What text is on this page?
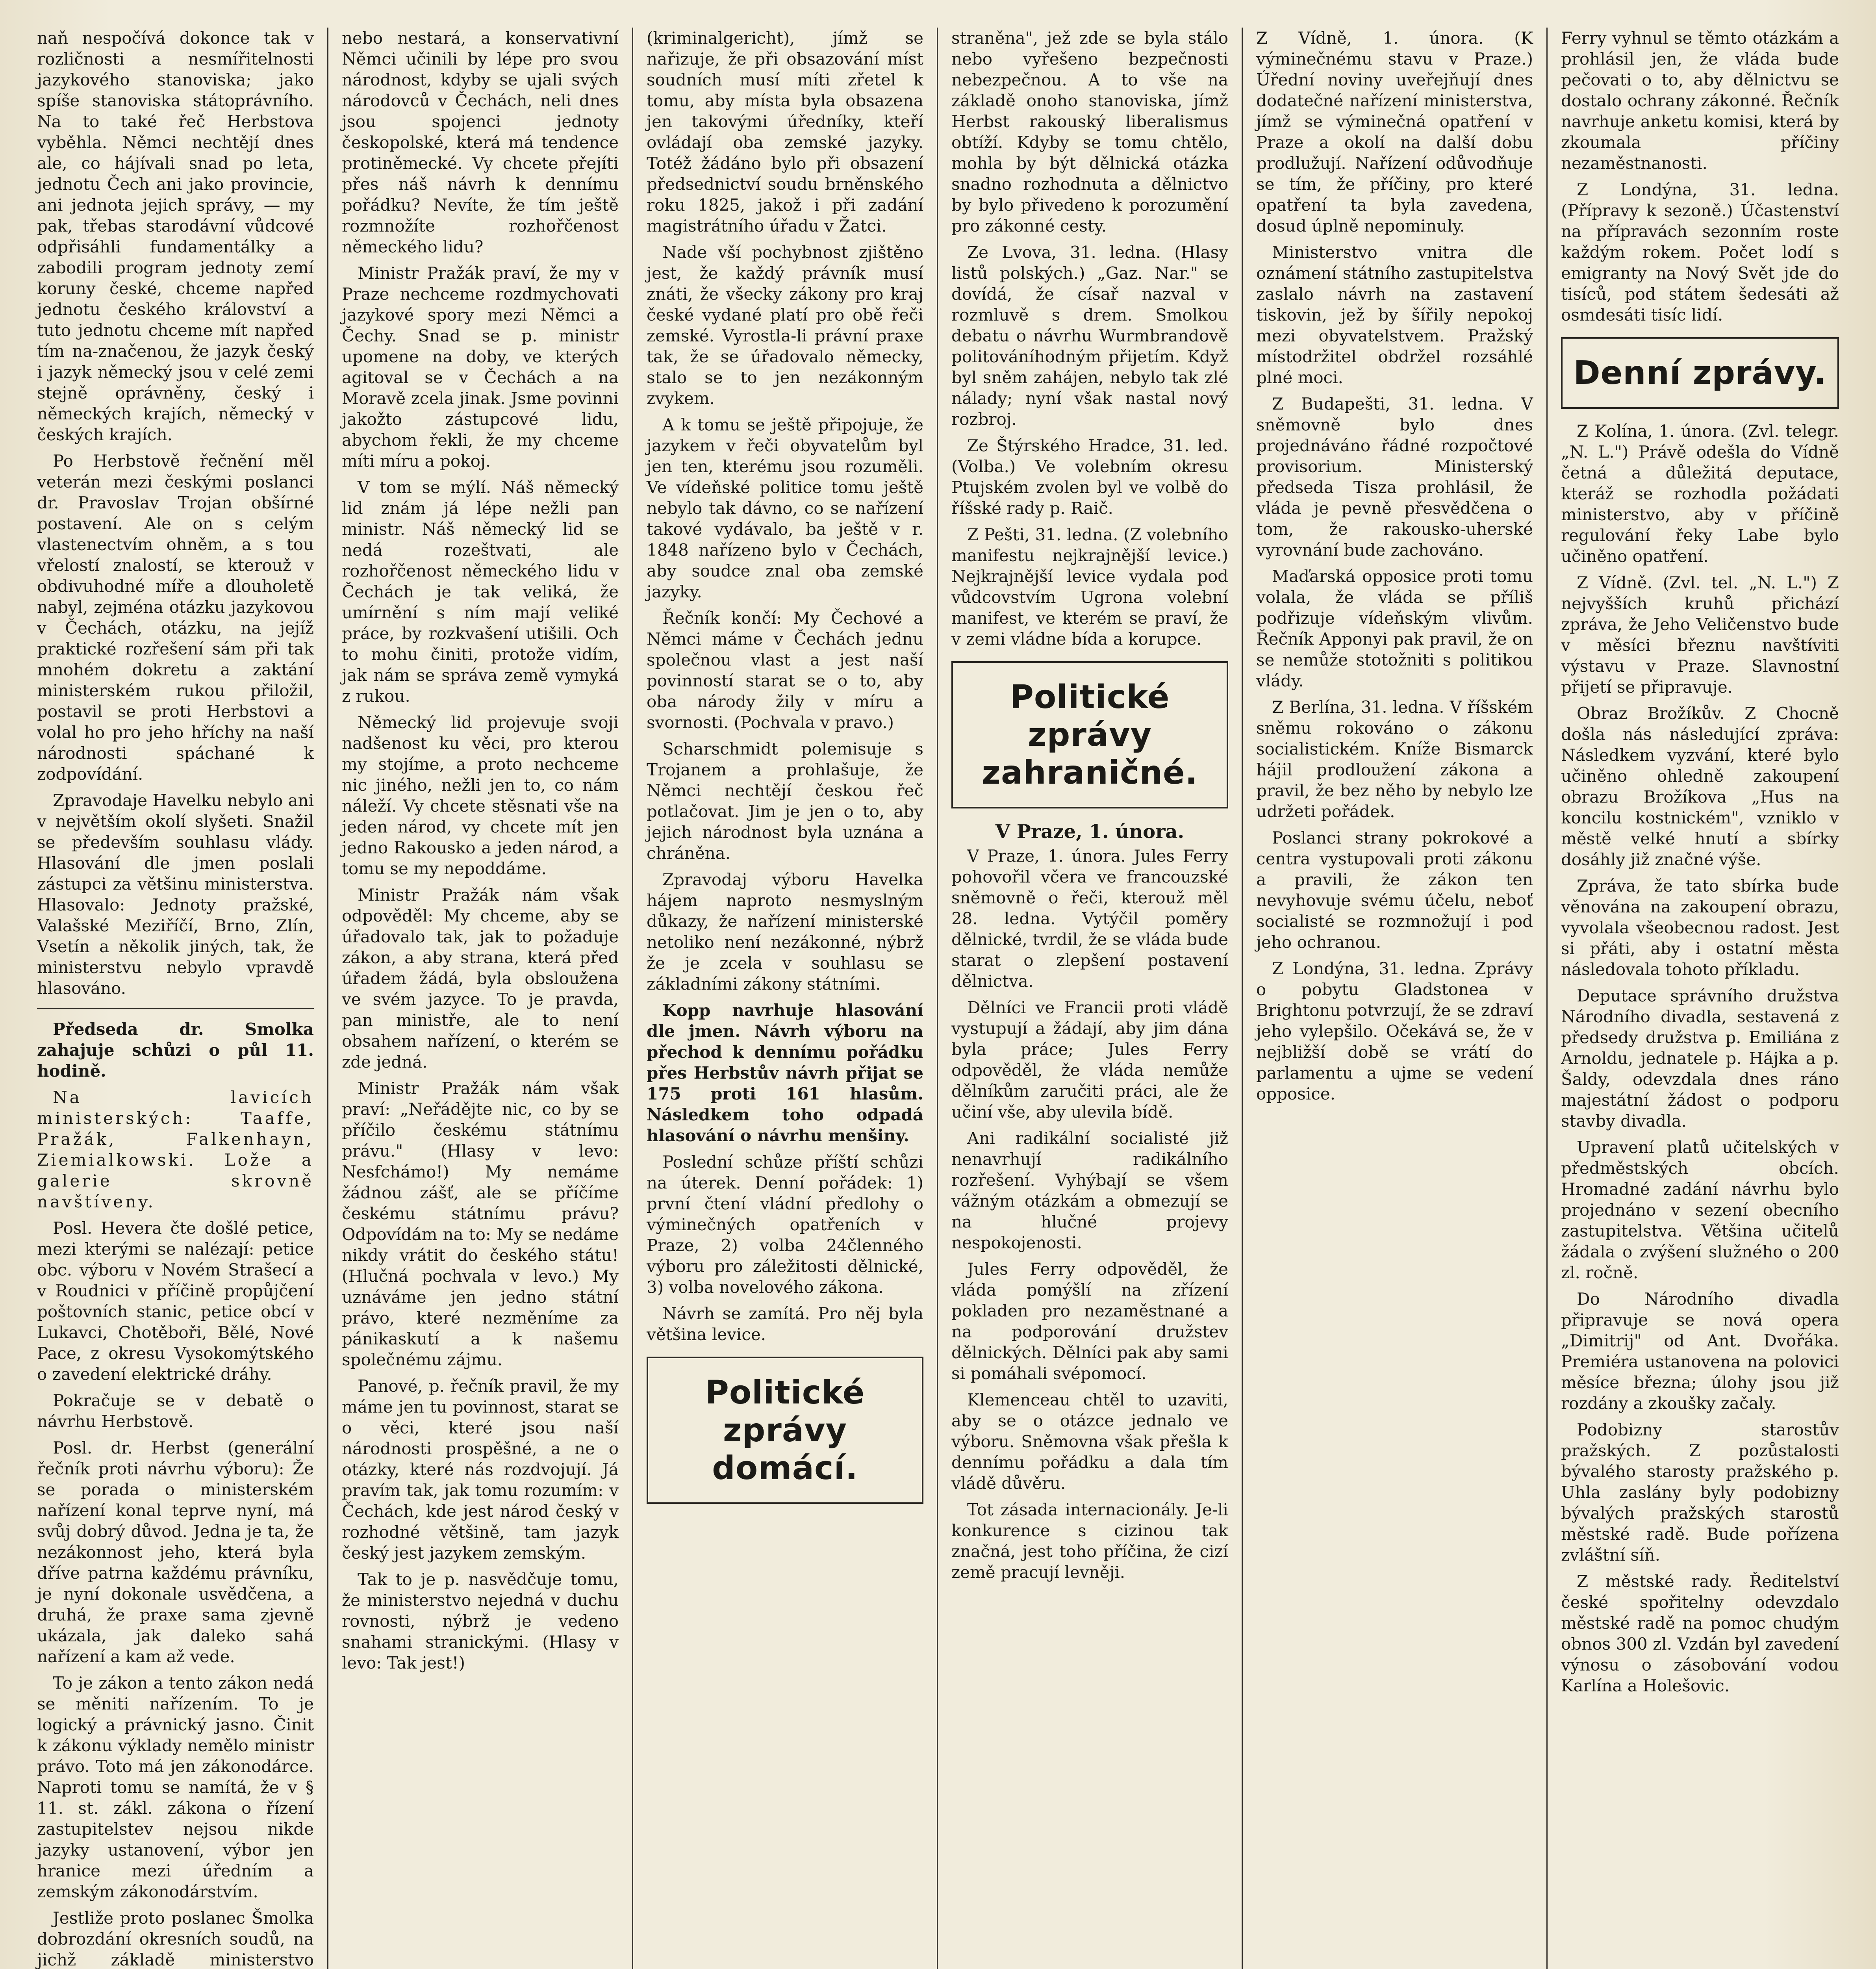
naň nespočívá dokonce tak v rozličnosti a nesmířitelnosti jazykového stanoviska; jako spíše stanoviska státoprávního. Na to také řeč Herbstova vyběhla. Němci nechtějí dnes ale, co hájívali snad po leta, jednotu Čech ani jako provincie, ani jednota jejich správy, — my pak, třebas starodávní vůdcové odpřisáhli fundamentálky a zabodili program jednoty zemí koruny české, chceme napřed jednotu českého království a tuto jednotu chceme mít napřed tím na-značenou, že jazyk český i jazyk německý jsou v celé zemi stejně oprávněny, český i německých krajích, německý v českých krajích.

Po Herbstově řečnění měl veterán mezi českými poslanci dr. Pravoslav Trojan obšírné postavení. Ale on s celým vlastenectvím ohněm, a s tou vřelostí znalostí, se kterouž v obdivuhodné míře a dlouholetě nabyl, zejména otázku jazykovou v Čechách, otázku, na jejíž praktické rozřešení sám při tak mnohém dokretu a zaktání ministerském rukou přiložil, postavil se proti Herbstovi a volal ho pro jeho hříchy na naší národnosti spáchané k zodpovídání.

Zpravodaje Havelku nebylo ani v největším okolí slyšeti. Snažil se především souhlasu vlády. Hlasování dle jmen poslali zástupci za většinu ministerstva. Hlasovalo: Jednoty pražské, Valašské Meziříčí, Brno, Zlín, Vsetín a několik jiných, tak, že ministerstvu nebylo vpravdě hlasováno.

Předseda dr. Smolka zahajuje schůzi o půl 11. hodině.

Na lavicích ministerských: Taaffe, Pražák, Falkenhayn, Ziemialkowski. Lože a galerie skrovně navštíveny.

Posl. Hevera čte došlé petice, mezi kterými se nalézají: petice obc. výboru v Novém Strašecí a v Roudnici v příčině propůjčení poštovních stanic, petice obcí v Lukavci, Chotěboři, Bělé, Nové Pace, z okresu Vysokomýtského o zavedení elektrické dráhy.

Pokračuje se v debatě o návrhu Herbstově.

Posl. dr. Herbst (generální řečník proti návrhu výboru): Že se porada o ministerském nařízení konal teprve nyní, má svůj dobrý důvod. Jedna je ta, že nezákonnost jeho, která byla dříve patrna každému právníku, je nyní dokonale usvědčena, a druhá, že praxe sama zjevně ukázala, jak daleko sahá nařízení a kam až vede.

To je zákon a tento zákon nedá se měniti nařízením. To je logický a právnický jasno. Činit k zákonu výklady nemělo ministr právo. Toto má jen zákonodárce. Naproti tomu se namítá, že v § 11. st. zákl. zákona o řízení zastupitelstev nejsou nikde jazyky ustanovení, výbor jen hranice mezi úředním a zemským zákonodárstvím.

Jestliže proto poslanec Šmolka dobrozdání okresních soudů, na jichž základě ministerstvo

nebo nestará, a konservativní Němci učinili by lépe pro svou národnost, kdyby se ujali svých národovců v Čechách, neli dnes jsou spojenci jednoty českopolské, která má tendence protiněmecké. Vy chcete přejíti přes náš návrh k dennímu pořádku? Nevíte, že tím ještě rozmnožíte rozhořčenost německého lidu?

Ministr Pražák praví, že my v Praze nechceme rozdmychovati jazykové spory mezi Němci a Čechy. Snad se p. ministr upomene na doby, ve kterých agitoval se v Čechách a na Moravě zcela jinak. Jsme povinni jakožto zástupcové lidu, abychom řekli, že my chceme míti míru a pokoj.

V tom se mýlí. Náš německý lid znám já lépe nežli pan ministr. Náš německý lid se nedá rozeštvati, ale rozhořčenost německého lidu v Čechách je tak veliká, že umírnění s ním mají veliké práce, by rozkvašení utišili. Och to mohu činiti, protože vidím, jak nám se správa země vymyká z rukou.

Německý lid projevuje svoji nadšenost ku věci, pro kterou my stojíme, a proto nechceme nic jiného, nežli jen to, co nám náleží. Vy chcete stěsnati vše na jeden národ, vy chcete mít jen jedno Rakousko a jeden národ, a tomu se my nepoddáme.

Ministr Pražák nám však odpověděl: My chceme, aby se úřadovalo tak, jak to požaduje zákon, a aby strana, která před úřadem žádá, byla obsloužena ve svém jazyce. To je pravda, pan ministře, ale to není obsahem nařízení, o kterém se zde jedná.

Ministr Pražák nám však praví: „Neřádějte nic, co by se příčilo českému státnímu právu." (Hlasy v levo: Nesfchámo!) My nemáme žádnou zášť, ale se příčíme českému státnímu právu? Odpovídám na to: My se nedáme nikdy vrátit do českého státu! (Hlučná pochvala v levo.) My uznáváme jen jedno státní právo, které nezměníme za pánikaskutí a k našemu společnému zájmu.

Panové, p. řečník pravil, že my máme jen tu povinnost, starat se o věci, které jsou naší národnosti prospěšné, a ne o otázky, které nás rozdvojují. Já pravím tak, jak tomu rozumím: v Čechách, kde jest národ český v rozhodné většině, tam jazyk český jest jazykem zemským.

Tak to je p. nasvědčuje tomu, že ministerstvo nejedná v duchu rovnosti, nýbrž je vedeno snahami stranickými. (Hlasy v levo: Tak jest!)

(kriminalgericht), jímž se nařizuje, že při obsazování míst soudních musí míti zřetel k tomu, aby místa byla obsazena jen takovými úředníky, kteří ovládají oba zemské jazyky. Totéž žádáno bylo při obsazení předsednictví soudu brněnského roku 1825, jakož i při zadání magistrátního úřadu v Žatci.

Nade vší pochybnost zjištěno jest, že každý právník musí znáti, že všecky zákony pro kraj české vydané platí pro obě řeči zemské. Vyrostla-li právní praxe tak, že se úřadovalo německy, stalo se to jen nezákonným zvykem.

A k tomu se ještě připojuje, že jazykem v řeči obyvatelům byl jen ten, kterému jsou rozuměli. Ve vídeňské politice tomu ještě nebylo tak dávno, co se nařízení takové vydávalo, ba ještě v r. 1848 nařízeno bylo v Čechách, aby soudce znal oba zemské jazyky.

Řečník končí: My Čechové a Němci máme v Čechách jednu společnou vlast a jest naší povinností starat se o to, aby oba národy žily v míru a svornosti. (Pochvala v pravo.)

Scharschmidt polemisuje s Trojanem a prohlašuje, že Němci nechtějí českou řeč potlačovat. Jim je jen o to, aby jejich národnost byla uznána a chráněna.

Zpravodaj výboru Havelka hájem naproto nesmyslným důkazy, že nařízení ministerské netoliko není nezákonné, nýbrž že je zcela v souhlasu se základními zákony státními.

Kopp navrhuje hlasování dle jmen. Návrh výboru na přechod k dennímu pořádku přes Herbstův návrh přijat se 175 proti 161 hlasům. Následkem toho odpadá hlasování o návrhu menšiny.

Poslední schůze příští schůzi na úterek. Denní pořádek: 1) první čtení vládní předlohy o výminečných opatřeních v Praze, 2) volba 24členného výboru pro záležitosti dělnické, 3) volba novelového zákona.

Návrh se zamítá. Pro něj byla většina levice.

Politické zprávy domácí.

straněna", jež zde se byla stálo nebo vyřešeno bezpečnosti nebezpečnou. A to vše na základě onoho stanoviska, jímž Herbst rakouský liberalismus obtíží. Kdyby se tomu chtělo, mohla by být dělnická otázka snadno rozhodnuta a dělnictvo by bylo přivedeno k porozumění pro zákonné cesty.

Ze Lvova, 31. ledna. (Hlasy listů polských.) „Gaz. Nar." se dovídá, že císař nazval v rozmluvě s drem. Smolkou debatu o návrhu Wurmbrandově politováníhodným přijetím. Když byl sněm zahájen, nebylo tak zlé nálady; nyní však nastal nový rozbroj.

Ze Štýrského Hradce, 31. led. (Volba.) Ve volebním okresu Ptujském zvolen byl ve volbě do říšské rady p. Raič.

Z Pešti, 31. ledna. (Z volebního manifestu nejkrajnější levice.) Nejkrajnější levice vydala pod vůdcovstvím Ugrona volební manifest, ve kterém se praví, že v zemi vládne bída a korupce.

Politické zprávy zahraničné.
V Praze, 1. února.

V Praze, 1. února. Jules Ferry pohovořil včera ve francouzské sněmovně o řeči, kterouž měl 28. ledna. Vytýčil poměry dělnické, tvrdil, že se vláda bude starat o zlepšení postavení dělnictva.

Dělníci ve Francii proti vládě vystupují a žádají, aby jim dána byla práce; Jules Ferry odpověděl, že vláda nemůže dělníkům zaručiti práci, ale že učiní vše, aby ulevila bídě.

Ani radikální socialisté již nenavrhují radikálního rozřešení. Vyhýbají se všem vážným otázkám a obmezují se na hlučné projevy nespokojenosti.

Jules Ferry odpověděl, že vláda pomýšlí na zřízení pokladen pro nezaměstnané a na podporování družstev dělnických. Dělníci pak aby sami si pomáhali svépomocí.

Klemenceau chtěl to uzaviti, aby se o otázce jednalo ve výboru. Sněmovna však přešla k dennímu pořádku a dala tím vládě důvěru.

Tot zásada internacionály. Je-li konkurence s cizinou tak značná, jest toho příčina, že cizí země pracují levněji.

Z Vídně, 1. února. (K výminečnému stavu v Praze.) Úřední noviny uveřejňují dnes dodatečné nařízení ministerstva, jímž se výminečná opatření v Praze a okolí na další dobu prodlužují. Nařízení odůvodňuje se tím, že příčiny, pro které opatření ta byla zavedena, dosud úplně nepominuly.

Ministerstvo vnitra dle oznámení státního zastupitelstva zaslalo návrh na zastavení tiskovin, jež by šířily nepokoj mezi obyvatelstvem. Pražský místodržitel obdržel rozsáhlé plné moci.

Z Budapešti, 31. ledna. V sněmovně bylo dnes projednáváno řádné rozpočtové provisorium. Ministerský předseda Tisza prohlásil, že vláda je pevně přesvědčena o tom, že rakousko-uherské vyrovnání bude zachováno.

Maďarská opposice proti tomu volala, že vláda se příliš podřizuje vídeňským vlivům. Řečník Apponyi pak pravil, že on se nemůže stotožniti s politikou vlády.

Z Berlína, 31. ledna. V říšském sněmu rokováno o zákonu socialistickém. Kníže Bismarck hájil prodloužení zákona a pravil, že bez něho by nebylo lze udržeti pořádek.

Poslanci strany pokrokové a centra vystupovali proti zákonu a pravili, že zákon ten nevyhovuje svému účelu, neboť socialisté se rozmnožují i pod jeho ochranou.

Z Londýna, 31. ledna. Zprávy o pobytu Gladstonea v Brightonu potvrzují, že se zdraví jeho vylepšilo. Očekává se, že v nejbližší době se vrátí do parlamentu a ujme se vedení opposice.

Ferry vyhnul se těmto otázkám a prohlásil jen, že vláda bude pečovati o to, aby dělnictvu se dostalo ochrany zákonné. Řečník navrhuje anketu komisi, která by zkoumala příčiny nezaměstnanosti.

Z Londýna, 31. ledna. (Přípravy k sezoně.) Účastenství na přípravách sezonním roste každým rokem. Počet lodí s emigranty na Nový Svět jde do tisíců, pod státem šedesáti až osmdesáti tisíc lidí.

Denní zprávy.

Z Kolína, 1. února. (Zvl. telegr. „N. L.") Právě odešla do Vídně četná a důležitá deputace, kteráž se rozhodla požádati ministerstvo, aby v příčině regulování řeky Labe bylo učiněno opatření.

Z Vídně. (Zvl. tel. „N. L.") Z nejvyšších kruhů přichází zpráva, že Jeho Veličenstvo bude v měsíci březnu navštíviti výstavu v Praze. Slavnostní přijetí se připravuje.

Obraz Brožíkův. Z Chocně došla nás následující zpráva: Následkem vyzvání, které bylo učiněno ohledně zakoupení obrazu Brožíkova „Hus na koncilu kostnickém", vzniklo v městě velké hnutí a sbírky dosáhly již značné výše.

Zpráva, že tato sbírka bude věnována na zakoupení obrazu, vyvolala všeobecnou radost. Jest si přáti, aby i ostatní města následovala tohoto příkladu.

Deputace správního družstva Národního divadla, sestavená z předsedy družstva p. Emiliána z Arnoldu, jednatele p. Hájka a p. Šaldy, odevzdala dnes ráno majestátní žádost o podporu stavby divadla.

Upravení platů učitelských v předměstských obcích. Hromadné zadání návrhu bylo projednáno v sezení obecního zastupitelstva. Většina učitelů žádala o zvýšení služného o 200 zl. ročně.

Do Národního divadla připravuje se nová opera „Dimitrij" od Ant. Dvořáka. Premiéra ustanovena na polovici měsíce března; úlohy jsou již rozdány a zkoušky začaly.

Podobizny starostův pražských. Z pozůstalosti bývalého starosty pražského p. Uhla zaslány byly podobizny bývalých pražských starostů městské radě. Bude pořízena zvláštní síň.

Z městské rady. Ředitelství české spořitelny odevzdalo městské radě na pomoc chudým obnos 300 zl. Vzdán byl zavedení výnosu o zásobování vodou Karlína a Holešovic.
